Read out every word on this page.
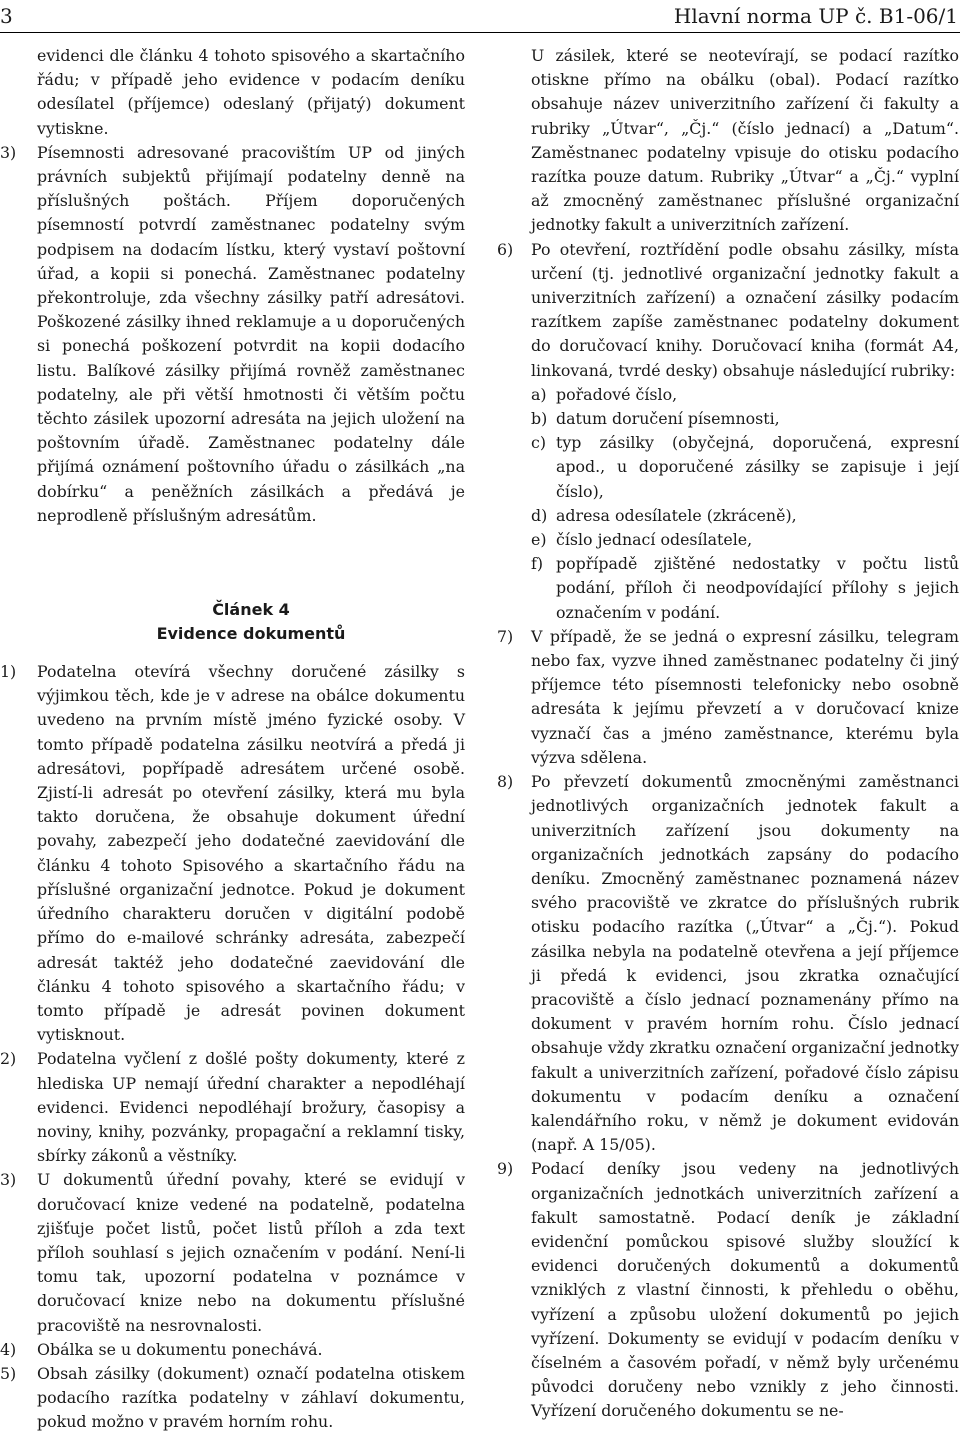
3	Hlavní norma UP č. B1-06/1

evidenci dle článku 4 tohoto spisového a skartačního řádu; v případě jeho evidence v podacím deníku odesílatel (příjemce) odeslaný (přijatý) dokument vytiskne.

3) Písemnosti adresované pracovištím UP od jiných právních subjektů přijímají podatelny denně na příslušných poštách. Příjem doporučených písemností potvrdí zaměstnanec podatelny svým podpisem na dodacím lístku, který vystaví poštovní úřad, a kopii si ponechá. Zaměstnanec podatelny překontroluje, zda všechny zásilky patří adresátovi. Poškozené zásilky ihned reklamuje a u doporučených si ponechá poškození potvrdit na kopii dodacího listu. Balíkové zásilky přijímá rovněž zaměstnanec podatelny, ale při větší hmotnosti či větším počtu těchto zásilek upozorní adresáta na jejich uložení na poštovním úřadě. Zaměstnanec podatelny dále přijímá oznámení poštovního úřadu o zásilkách „na dobírku“ a peněžních zásilkách a předává je neprodleně příslušným adresátům.

Článek 4

Evidence dokumentů

1) Podatelna otevírá všechny doručené zásilky s výjimkou těch, kde je v adrese na obálce dokumentu uvedeno na prvním místě jméno fyzické osoby. V tomto případě podatelna zásilku neotvírá a předá ji adresátovi, popřípadě adresátem určené osobě. Zjistí-li adresát po otevření zásilky, která mu byla takto doručena, že obsahuje dokument úřední povahy, zabezpečí jeho dodatečné zaevidování dle článku 4 tohoto Spisového a skartačního řádu na příslušné organizační jednotce. Pokud je dokument úředního charakteru doručen v digitální podobě přímo do e-mailové schránky adresáta, zabezpečí adresát taktéž jeho dodatečné zaevidování dle článku 4 tohoto spisového a skartačního řádu; v tomto případě je adresát povinen dokument vytisknout.

2) Podatelna vyčlení z došlé pošty dokumenty, které z hlediska UP nemají úřední charakter a nepodléhají evidenci. Evidenci nepodléhají brožury, časopisy a noviny, knihy, pozvánky, propagační a reklamní tisky, sbírky zákonů a věstníky.

3) U dokumentů úřední povahy, které se evidují v doručovací knize vedené na podatelně, podatelna zjišťuje počet listů, počet listů příloh a zda text příloh souhlasí s jejich označením v podání. Není-li tomu tak, upozorní podatelna v poznámce v doručovací knize nebo na dokumentu příslušné pracoviště na nesrovnalosti.

4) Obálka se u dokumentu ponechává.

5) Obsah zásilky (dokument) označí podatelna otiskem podacího razítka podatelny v záhlaví dokumentu, pokud možno v pravém horním rohu.

U zásilek, které se neotevírají, se podací razítko otiskne přímo na obálku (obal). Podací razítko obsahuje název univerzitního zařízení či fakulty a rubriky „Útvar“, „Čj.“ (číslo jednací) a „Datum“. Zaměstnanec podatelny vpisuje do otisku podacího razítka pouze datum. Rubriky „Útvar“ a „Čj.“ vyplní až zmocněný zaměstnanec příslušné organizační jednotky fakult a univerzitních zařízení.

6) Po otevření, roztřídění podle obsahu zásilky, místa určení (tj. jednotlivé organizační jednotky fakult a univerzitních zařízení) a označení zásilky podacím razítkem zapíše zaměstnanec podatelny dokument do doručovací knihy. Doručovací kniha (formát A4, linkovaná, tvrdé desky) obsahuje následující rubriky:

a) pořadové číslo,

b) datum doručení písemnosti,

c) typ zásilky (obyčejná, doporučená, expresní apod., u doporučené zásilky se zapisuje i její číslo),

d) adresa odesílatele (zkráceně),

e) číslo jednací odesílatele,

f) popřípadě zjištěné nedostatky v počtu listů podání, příloh či neodpovídající přílohy s jejich označením v podání.

7) V případě, že se jedná o expresní zásilku, telegram nebo fax, vyzve ihned zaměstnanec podatelny či jiný příjemce této písemnosti telefonicky nebo osobně adresáta k jejímu převzetí a v doručovací knize vyznačí čas a jméno zaměstnance, kterému byla výzva sdělena.

8) Po převzetí dokumentů zmocněnými zaměstnanci jednotlivých organizačních jednotek fakult a univerzitních zařízení jsou dokumenty na organizačních jednotkách zapsány do podacího deníku. Zmocněný zaměstnanec poznamená název svého pracoviště ve zkratce do příslušných rubrik otisku podacího razítka („Útvar“ a „Čj.“). Pokud zásilka nebyla na podatelně otevřena a její příjemce ji předá k evidenci, jsou zkratka označující pracoviště a číslo jednací poznamenány přímo na dokument v pravém horním rohu. Číslo jednací obsahuje vždy zkratku označení organizační jednotky fakult a univerzitních zařízení, pořadové číslo zápisu dokumentu v podacím deníku a označení kalendářního roku, v němž je dokument evidován (např. A 15/05).

9) Podací deníky jsou vedeny na jednotlivých organizačních jednotkách univerzitních zařízení a fakult samostatně. Podací deník je základní evidenční pomůckou spisové služby sloužící k evidenci doručených dokumentů a dokumentů vzniklých z vlastní činnosti, k přehledu o oběhu, vyřízení a způsobu uložení dokumentů po jejich vyřízení. Dokumenty se evidují v podacím deníku v číselném a časovém pořadí, v němž byly určenému původci doručeny nebo vznikly z jeho činnosti. Vyřízení doručeného dokumentu se ne-
